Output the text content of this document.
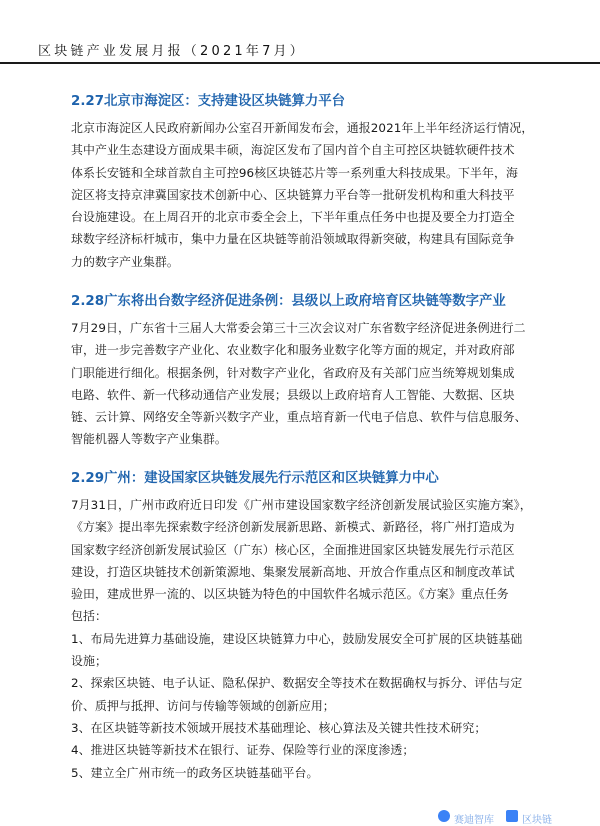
区块链产业发展月报（2021年7月）
2.27北京市海淀区：支持建设区块链算力平台

北京市海淀区人民政府新闻办公室召开新闻发布会，通报2021年上半年经济运行情况，

其中产业生态建设方面成果丰硕，海淀区发布了国内首个自主可控区块链软硬件技术

体系长安链和全球首款自主可控96核区块链芯片等一系列重大科技成果。下半年，海

淀区将支持京津冀国家技术创新中心、区块链算力平台等一批研发机构和重大科技平

台设施建设。在上周召开的北京市委全会上，下半年重点任务中也提及要全力打造全

球数字经济标杆城市，集中力量在区块链等前沿领域取得新突破，构建具有国际竞争

力的数字产业集群。

2.28广东将出台数字经济促进条例：县级以上政府培育区块链等数字产业

7月29日，广东省十三届人大常委会第三十三次会议对广东省数字经济促进条例进行二

审，进一步完善数字产业化、农业数字化和服务业数字化等方面的规定，并对政府部

门职能进行细化。根据条例，针对数字产业化，省政府及有关部门应当统筹规划集成

电路、软件、新一代移动通信产业发展；县级以上政府培育人工智能、大数据、区块

链、云计算、网络安全等新兴数字产业，重点培育新一代电子信息、软件与信息服务、

智能机器人等数字产业集群。

2.29广州：建设国家区块链发展先行示范区和区块链算力中心

7月31日，广州市政府近日印发《广州市建设国家数字经济创新发展试验区实施方案》，

《方案》提出率先探索数字经济创新发展新思路、新模式、新路径，将广州打造成为

国家数字经济创新发展试验区（广东）核心区，全面推进国家区块链发展先行示范区

建设，打造区块链技术创新策源地、集聚发展新高地、开放合作重点区和制度改革试

验田，建成世界一流的、以区块链为特色的中国软件名城示范区。《方案》重点任务

包括：

1、布局先进算力基础设施，建设区块链算力中心，鼓励发展安全可扩展的区块链基础

设施；

2、探索区块链、电子认证、隐私保护、数据安全等技术在数据确权与拆分、评估与定

价、质押与抵押、访问与传输等领域的创新应用；

3、在区块链等新技术领域开展技术基础理论、核心算法及关键共性技术研究；

4、推进区块链等新技术在银行、证券、保险等行业的深度渗透；

5、建立全广州市统一的政务区块链基础平台。

赛迪智库	区块链
